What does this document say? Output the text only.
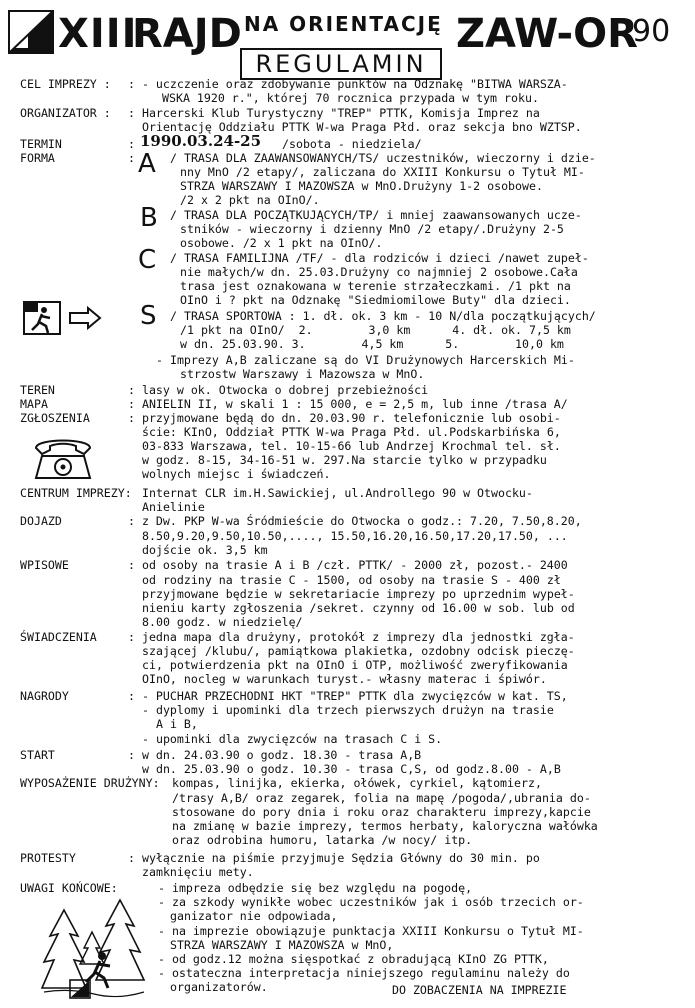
XIII
RAJD NA ORIENTACJĘ
REGULAMIN
ZAW-OR
90
CEL IMPREZY : : - uczczenie oraz zdobywanie punktów na Odznakę "BITWA WARSZA-
WSKA 1920 r.", której 70 rocznica przypada w tym roku.
ORGANIZATOR : : Harcerski Klub Turystyczny "TREP" PTTK, Komisja Imprez na
Orientację Oddziału PTTK W-wa Praga Płd. oraz sekcja bno WZTSP.
TERMIN	: 1990.03.24-25 /sobota - niedziela/
FORMA	: A / TRASA DLA ZAAWANSOWANYCH/TS/ uczestników, wieczorny i dzie-
nny MnO /2 etapy/, zaliczana do XXIII Konkursu o Tytuł MI-
STRZA WARSZAWY I MAZOWSZA w MnO.Drużyny 1-2 osobowe.
/2 x 2 pkt na OInO/.
B / TRASA DLA POCZĄTKUJĄCYCH/TP/ i mniej zaawansowanych ucze-
stników - wieczorny i dzienny MnO /2 etapy/.Drużyny 2-5
osobowe. /2 x 1 pkt na OInO/.
C / TRASA FAMILIJNA /TF/ - dla rodziców i dzieci /nawet zupeł-
nie małych/w dn. 25.03.Drużyny co najmniej 2 osobowe.Cała
trasa jest oznakowana w terenie strzałeczkami. /1 pkt na
OInO i ? pkt na Odznakę "Siedmiomilowe Buty" dla dzieci.
S / TRASA SPORTOWA : 1. dł. ok. 3 km - 10 N/dla początkujących/
/1 pkt na OInO/  2.        3,0 km      4. dł. ok. 7,5 km
w dn. 25.03.90. 3.        4,5 km      5.        10,0 km
- Imprezy A,B zaliczane są do VI Drużynowych Harcerskich Mi-
strzostw Warszawy i Mazowsza w MnO.
TEREN	: lasy w ok. Otwocka o dobrej przebieżności
MAPA	: ANIELIN II, w skali 1 : 15 000, e = 2,5 m, lub inne /trasa A/
ZGŁOSZENIA	: przyjmowane będą do dn. 20.03.90 r. telefonicznie lub osobi-
ście: KInO, Oddział PTTK W-wa Praga Płd. ul.Podskarbińska 6,
03-833 Warszawa, tel. 10-15-66 lub Andrzej Krochmal tel. sł.
w godz. 8-15, 34-16-51 w. 297.Na starcie tylko w przypadku
wolnych miejsc i świadczeń.
CENTRUM IMPREZY: Internat CLR im.H.Sawickiej, ul.Androllego 90 w Otwocku-
Anielinie
DOJAZD	: z Dw. PKP W-wa Śródmieście do Otwocka o godz.: 7.20, 7.50,8.20,
8.50,9.20,9.50,10.50,...., 15.50,16.20,16.50,17.20,17.50, ...
dojście ok. 3,5 km
WPISOWE	: od osoby na trasie A i B /czł. PTTK/ - 2000 zł, pozost.- 2400
od rodziny na trasie C - 1500, od osoby na trasie S - 400 zł
przyjmowane będzie w sekretariacie imprezy po uprzednim wypeł-
nieniu karty zgłoszenia /sekret. czynny od 16.00 w sob. lub od
8.00 godz. w niedzielę/
ŚWIADCZENIA	: jedna mapa dla drużyny, protokół z imprezy dla jednostki zgła-
szającej /klubu/, pamiątkowa plakietka, ozdobny odcisk pieczę-
ci, potwierdzenia pkt na OInO i OTP, możliwość zweryfikowania
OInO, nocleg w warunkach turyst.- własny materac i śpiwór.
NAGRODY	: - PUCHAR PRZECHODNI HKT "TREP" PTTK dla zwycięzców w kat. TS,
- dyplomy i upominki dla trzech pierwszych drużyn na trasie
A i B,
- upominki dla zwycięzców na trasach C i S.
START	: w dn. 24.03.90 o godz. 18.30 - trasa A,B
w dn. 25.03.90 o godz. 10.30 - trasa C,S, od godz.8.00 - A,B
WYPOSAŻENIE DRUŻYNY: kompas, linijka, ekierka, ołówek, cyrkiel, kątomierz,
/trasy A,B/ oraz zegarek, folia na mapę /pogoda/,ubrania do-
stosowane do pory dnia i roku oraz charakteru imprezy,kapcie
na zmianę w bazie imprezy, termos herbaty, kaloryczna wałówka
oraz odrobina humoru, latarka /w nocy/ itp.
PROTESTY	: wyłącznie na piśmie przyjmuje Sędzia Główny do 30 min. po
zamknięciu mety.
UWAGI KOŃCOWE:	- impreza odbędzie się bez względu na pogodę,
- za szkody wynikłe wobec uczestników jak i osób trzecich or-
ganizator nie odpowiada,
- na imprezie obowiązuje punktacja XXIII Konkursu o Tytuł MI-
STRZA WARSZAWY I MAZOWSZA w MnO,
- od godz.12 można sięspotkać z obradującą KInO ZG PTTK,
- ostateczna interpretacja niniejszego regulaminu należy do
organizatorów.	DO ZOBACZENIA NA IMPREZIE
